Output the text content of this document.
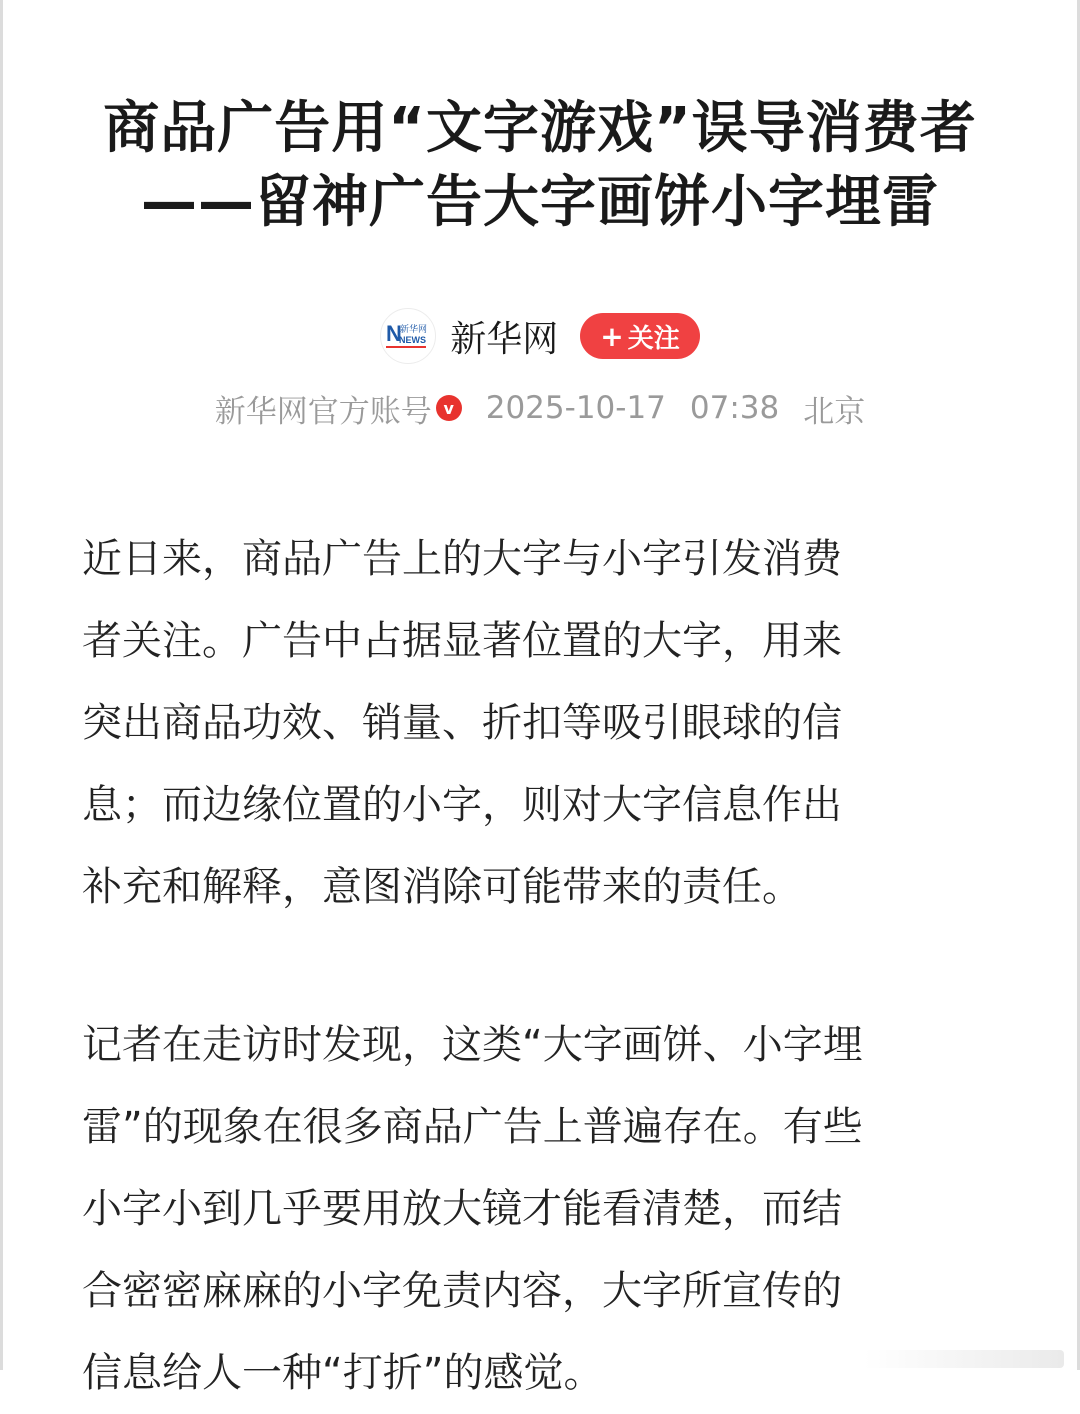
商品广告用“文字游戏”误导消费者
——留神广告大字画饼小字埋雷
N
新华网
NEWS 新华网 + 关注
新华网官方账号 v 2025-10-17 07:38 北京

近日来，商品广告上的大字与小字引发消费
者关注。广告中占据显著位置的大字，用来
突出商品功效、销量、折扣等吸引眼球的信
息；而边缘位置的小字，则对大字信息作出
补充和解释，意图消除可能带来的责任。

记者在走访时发现，这类“大字画饼、小字埋
雷”的现象在很多商品广告上普遍存在。有些
小字小到几乎要用放大镜才能看清楚，而结
合密密麻麻的小字免责内容，大字所宣传的
信息给人一种“打折”的感觉。
